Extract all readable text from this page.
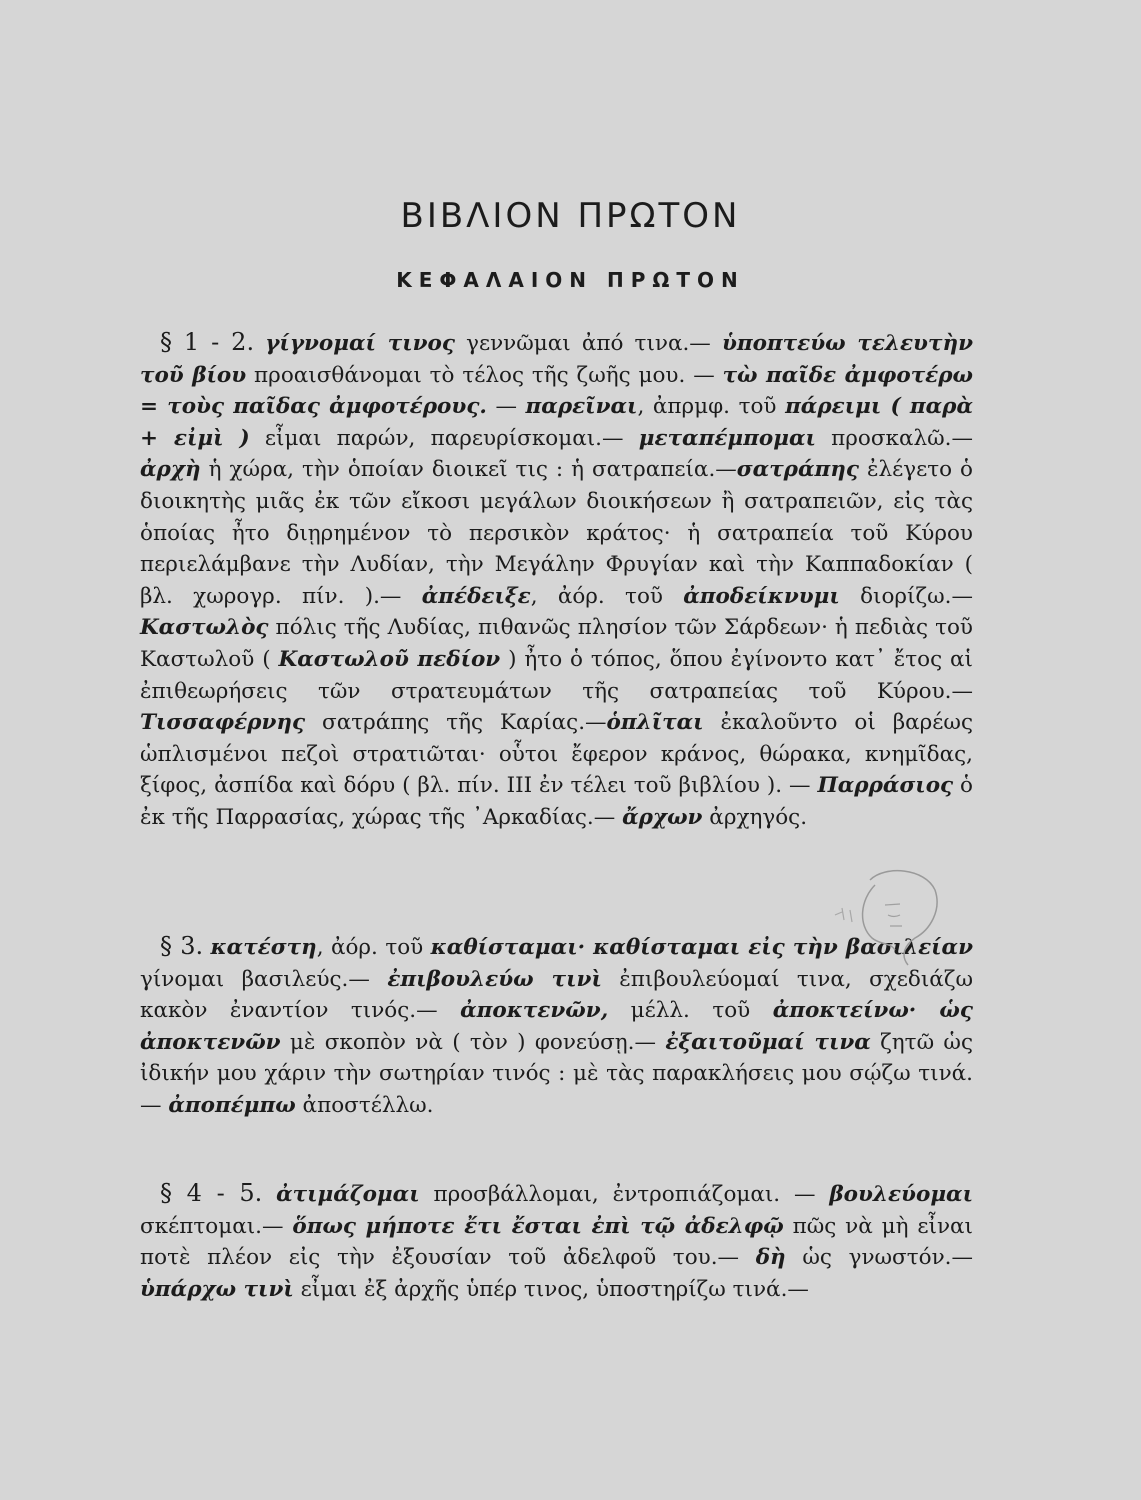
ΒΙΒΛΙΟΝ ΠΡΩΤΟΝ
ΚΕΦΑΛΑΙΟΝ ΠΡΩΤΟΝ

§ 1 - 2. γίγνομαί τινος γεννῶμαι ἀπό τινα.— ὑποπτεύω τελευτὴν τοῦ βίου προαισθάνομαι τὸ τέλος τῆς ζωῆς μου. — τὼ παῖδε ἀμφοτέρω = τοὺς παῖδας ἀμφοτέρους. — παρεῖναι, ἀπρμφ. τοῦ πάρειμι ( παρὰ + εἰμὶ ) εἶμαι παρών, παρευρίσκομαι.— μεταπέμπομαι προσκαλῶ.— ἀρχὴ ἡ χώρα, τὴν ὁποίαν διοικεῖ τις : ἡ σατραπεία.—σατράπης ἐλέγετο ὁ διοικητὴς μιᾶς ἐκ τῶν εἴκοσι μεγάλων διοικήσεων ἢ σατραπειῶν, εἰς τὰς ὁποίας ἦτο διῃρημένον τὸ περσικὸν κράτος· ἡ σατραπεία τοῦ Κύρου περιελάμβανε τὴν Λυδίαν, τὴν Μεγάλην Φρυγίαν καὶ τὴν Καππαδοκίαν ( βλ. χωρογρ. πίν. ).— ἀπέδειξε, ἀόρ. τοῦ ἀποδείκνυμι διορίζω.— Καστωλὸς πόλις τῆς Λυδίας, πιθανῶς πλησίον τῶν Σάρδεων· ἡ πεδιὰς τοῦ Καστωλοῦ ( Καστωλοῦ πεδίον ) ἦτο ὁ τόπος, ὅπου ἐγίνοντο κατ᾽ ἔτος αἱ ἐπιθεωρήσεις τῶν στρατευμάτων τῆς σατραπείας τοῦ Κύρου.—Τισσαφέρνης σατράπης τῆς Καρίας.—ὁπλῖται ἐκαλοῦντο οἱ βαρέως ὡπλισμένοι πεζοὶ στρατιῶται· οὗτοι ἔφερον κράνος, θώρακα, κνημῖδας, ξίφος, ἀσπίδα καὶ δόρυ ( βλ. πίν. ΙΙΙ ἐν τέλει τοῦ βιβλίου ). — Παρράσιος ὁ ἐκ τῆς Παρρασίας, χώρας τῆς ᾽Αρκαδίας.— ἄρχων ἀρχηγός.

§ 3. κατέστη, ἀόρ. τοῦ καθίσταμαι· καθίσταμαι εἰς τὴν βασιλείαν γίνομαι βασιλεύς.— ἐπιβουλεύω τινὶ ἐπιβουλεύομαί τινα, σχεδιάζω κακὸν ἐναντίον τινός.— ἀποκτενῶν, μέλλ. τοῦ ἀποκτείνω· ὡς ἀποκτενῶν μὲ σκοπὸν νὰ ( τὸν ) φονεύσῃ.— ἐξαιτοῦμαί τινα ζητῶ ὡς ἰδικήν μου χάριν τὴν σωτηρίαν τινός : μὲ τὰς παρακλήσεις μου σῴζω τινά.— ἀποπέμπω ἀποστέλλω.

§ 4 - 5. ἀτιμάζομαι προσβάλλομαι, ἐντροπιάζομαι. — βουλεύομαι σκέπτομαι.— ὅπως μήποτε ἔτι ἔσται ἐπὶ τῷ ἀδελφῷ πῶς νὰ μὴ εἶναι ποτὲ πλέον εἰς τὴν ἐξουσίαν τοῦ ἀδελφοῦ του.— δὴ ὡς γνωστόν.— ὑπάρχω τινὶ εἶμαι ἐξ ἀρχῆς ὑπέρ τινος, ὑποστηρίζω τινά.—
